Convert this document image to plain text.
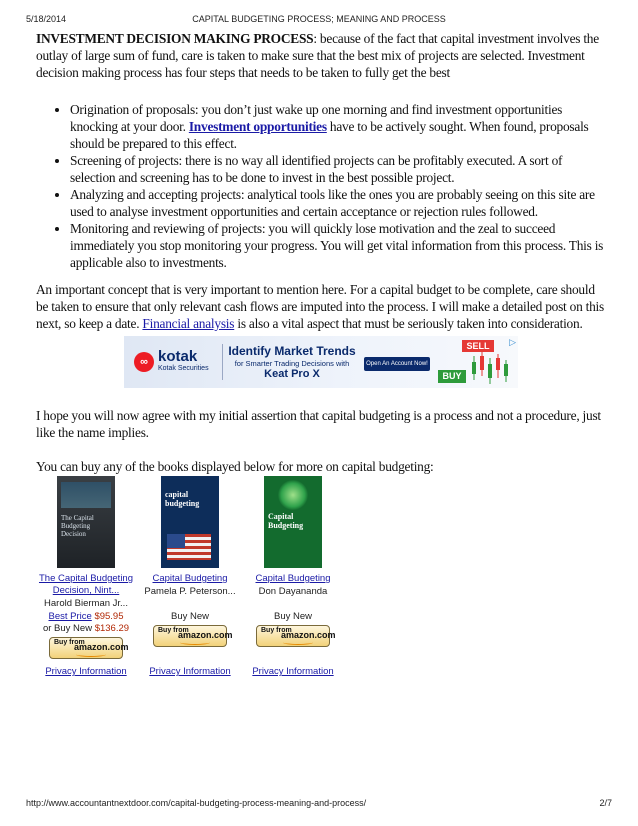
5/18/2014	CAPITAL BUDGETING PROCESS; MEANING AND PROCESS

INVESTMENT DECISION MAKING PROCESS: because of the fact that capital investment involves the outlay of large sum of fund, care is taken to make sure that the best mix of projects are selected. Investment decision making process has four steps that needs to be taken to fully get the best

• Origination of proposals: you don’t just wake up one morning and find investment opportunities knocking at your door. Investment opportunities have to be actively sought. When found, proposals should be prepared to this effect.
• Screening of projects: there is no way all identified projects can be profitably executed. A sort of selection and screening has to be done to invest in the best possible project.
• Analyzing and accepting projects: analytical tools like the ones you are probably seeing on this site are used to analyse investment opportunities and certain acceptance or rejection rules followed.
• Monitoring and reviewing of projects: you will quickly lose motivation and the zeal to succeed immediately you stop monitoring your progress. You will get vital information from this process. This is applicable also to investments.

An important concept that is very important to mention here. For a capital budget to be complete, care should be taken to ensure that only relevant cash flows are imputed into the process. I will make a detailed post on this next, so keep a date. Financial analysis is also a vital aspect that must be seriously taken into consideration.

∞ kotak
Kotak Securities
Identify Market Trends
for Smarter Trading Decisions with
Keat Pro X
Open An Account Now!
SELL
BUY
▷

I hope you will now agree with my initial assertion that capital budgeting is a process and not a procedure, just like the name implies.

You can buy any of the books displayed below for more on capital budgeting:

The Capital Budgeting Decision
The Capital Budgeting Decision, Nint...
Harold Bierman Jr...
Best Price $95.95
or Buy New $136.29
Buy from
amazon.com
Privacy Information
capital budgeting
Capital Budgeting
Pamela P. Peterson...
Buy New
Buy from
amazon.com
Privacy Information
Capital Budgeting
Capital Budgeting
Don Dayananda
Buy New
Buy from
amazon.com
Privacy Information
http://www.accountantnextdoor.com/capital-budgeting-process-meaning-and-process/	2/7
